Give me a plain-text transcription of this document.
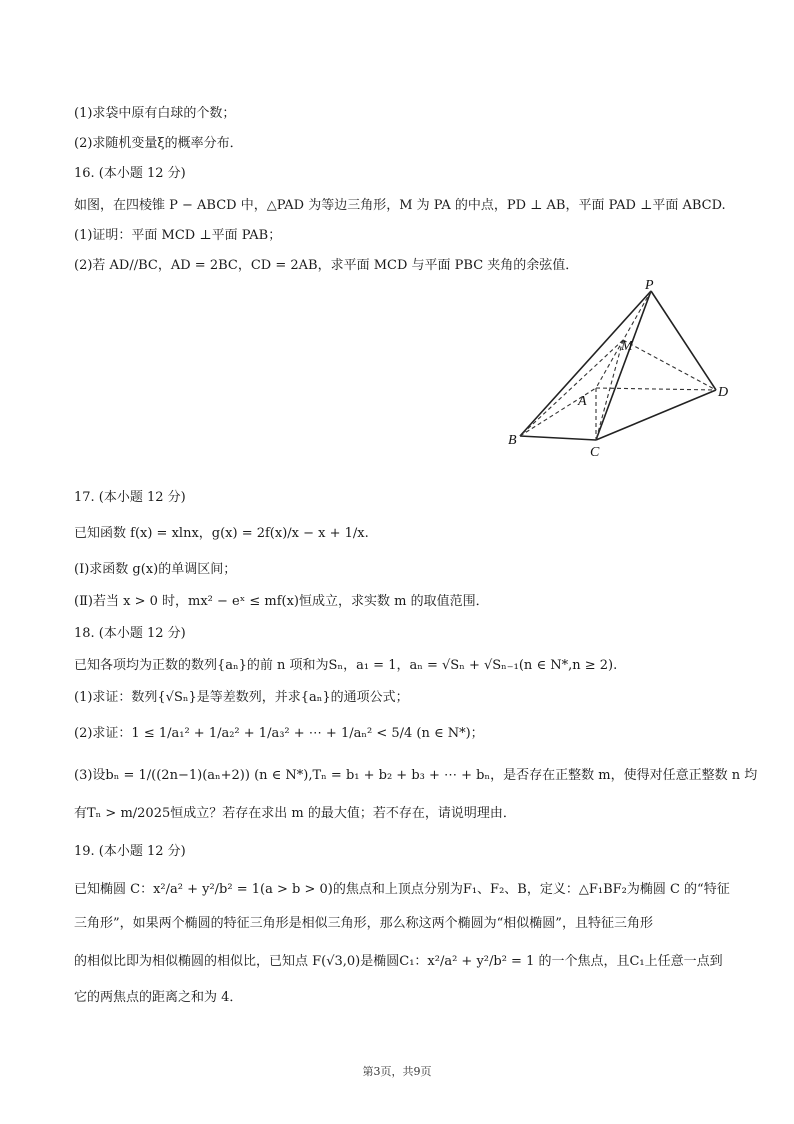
(1)求袋中原有白球的个数；
(2)求随机变量ξ的概率分布．
16. (本小题 12 分)
如图，在四棱锥 P − ABCD 中，△PAD 为等边三角形，M 为 PA 的中点，PD ⊥ AB，平面 PAD ⊥平面 ABCD.
(1)证明：平面 MCD ⊥平面 PAB；
(2)若 AD//BC，AD = 2BC，CD = 2AB，求平面 MCD 与平面 PBC 夹角的余弦值．
P
M
A
D
B
C
17. (本小题 12 分)
已知函数 f(x) = xlnx，g(x) = 2f(x)/x − x + 1/x.
(Ⅰ)求函数 g(x)的单调区间；
(Ⅱ)若当 x > 0 时，mx² − eˣ ≤ mf(x)恒成立，求实数 m 的取值范围．
18. (本小题 12 分)
已知各项均为正数的数列{aₙ}的前 n 项和为Sₙ，a₁ = 1，aₙ = √Sₙ + √Sₙ₋₁(n ∈ N*,n ≥ 2).
(1)求证：数列{√Sₙ}是等差数列，并求{aₙ}的通项公式；
(2)求证：1 ≤ 1/a₁² + 1/a₂² + 1/a₃² + ⋯ + 1/aₙ² < 5/4 (n ∈ N*)；
(3)设bₙ = 1/((2n−1)(aₙ+2)) (n ∈ N*),Tₙ = b₁ + b₂ + b₃ + ⋯ + bₙ，是否存在正整数 m，使得对任意正整数 n 均
有Tₙ > m/2025恒成立？若存在求出 m 的最大值；若不存在，请说明理由．
19. (本小题 12 分)
已知椭圆 C：x²/a² + y²/b² = 1(a > b > 0)的焦点和上顶点分别为F₁、F₂、B，定义：△F₁BF₂为椭圆 C 的“特征
三角形”，如果两个椭圆的特征三角形是相似三角形，那么称这两个椭圆为“相似椭圆”，且特征三角形
的相似比即为相似椭圆的相似比，已知点 F(√3,0)是椭圆C₁：x²/a² + y²/b² = 1 的一个焦点，且C₁上任意一点到
它的两焦点的距离之和为 4．
第3页，共9页
